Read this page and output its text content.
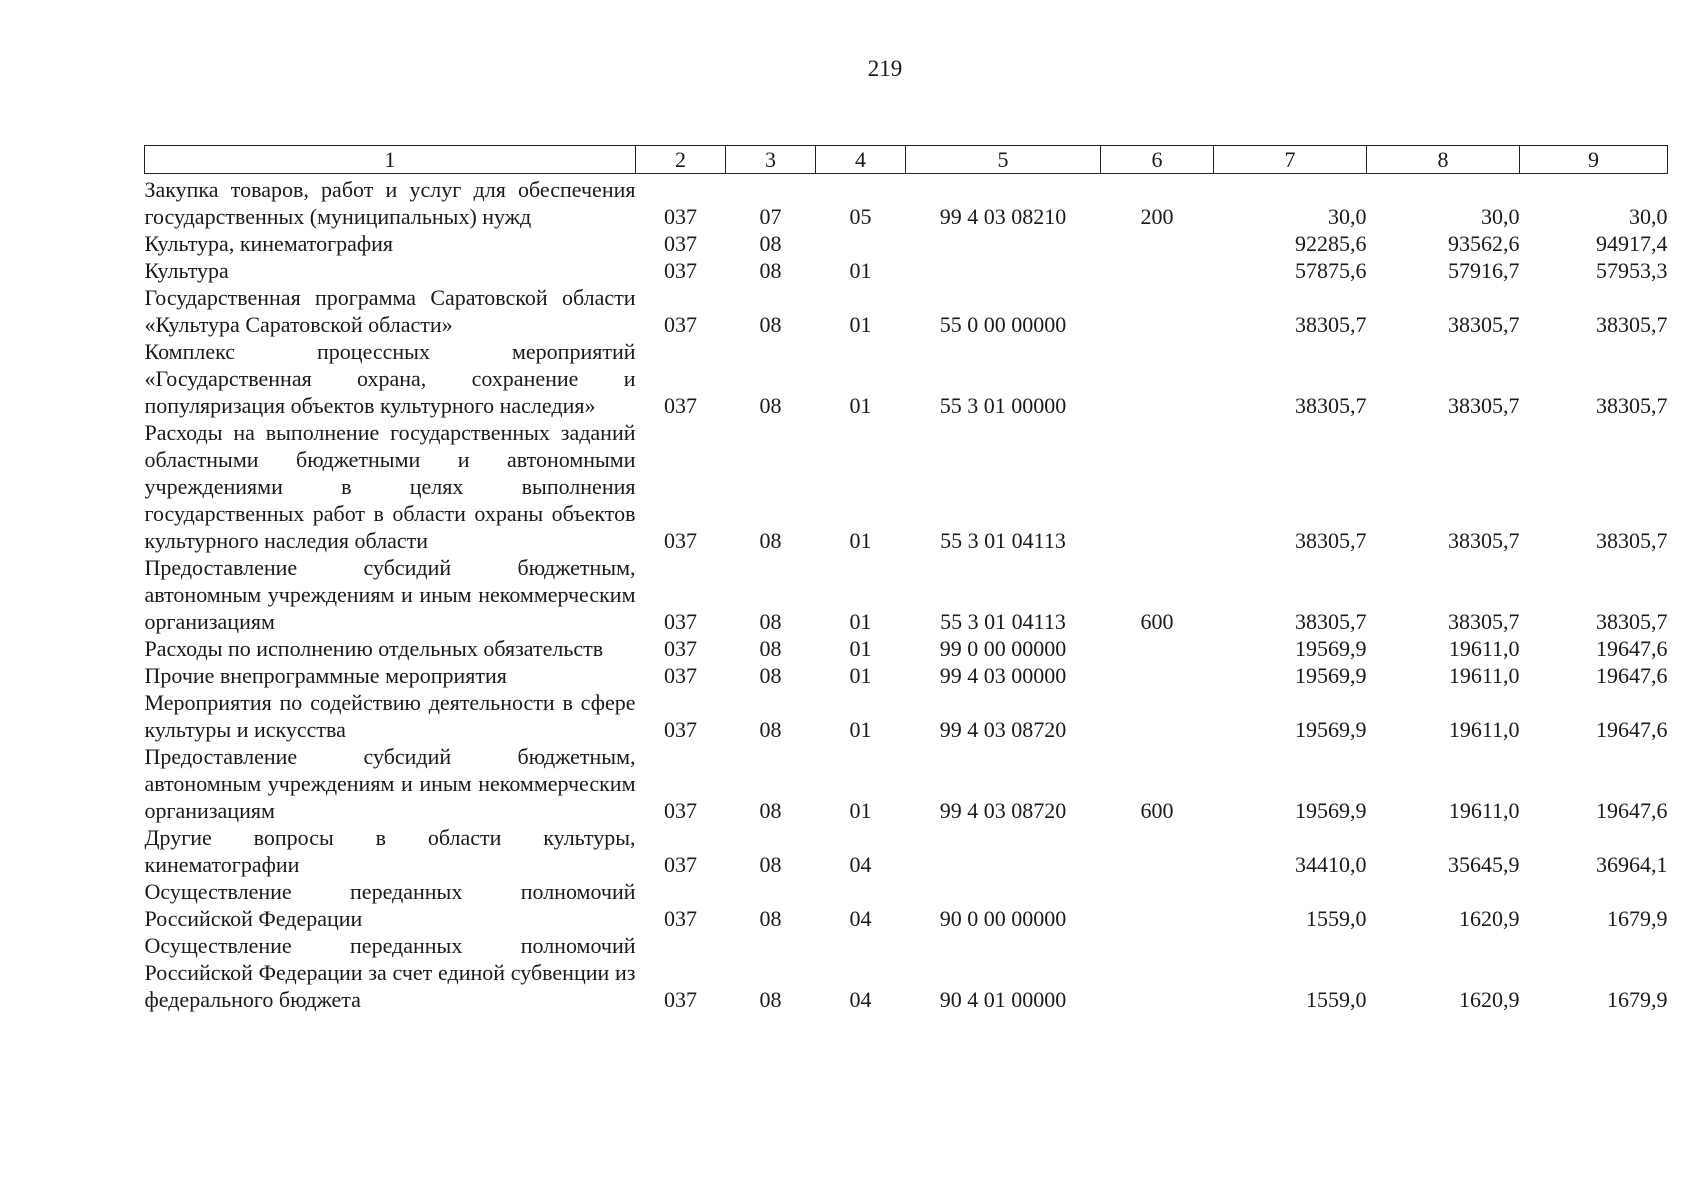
219
1	2	3	4	5	6	7	8	9
Закупка товаров, работ и услуг для обеспечения государственных (муниципальных) нужд	037	07	05	99 4 03 08210	200	30,0	30,0	30,0
Культура, кинематография	037	08				92285,6	93562,6	94917,4
Культура	037	08	01			57875,6	57916,7	57953,3
Государственная программа Саратовской области «Культура Саратовской области»	037	08	01	55 0 00 00000		38305,7	38305,7	38305,7
Комплекс процессных мероприятий «Государственная охрана, сохранение и популяризация объектов культурного наследия»	037	08	01	55 3 01 00000		38305,7	38305,7	38305,7
Расходы на выполнение государственных заданий областными бюджетными и автономными учреждениями в целях выполнения государственных работ в области охраны объектов культурного наследия области	037	08	01	55 3 01 04113		38305,7	38305,7	38305,7
Предоставление субсидий бюджетным, автономным учреждениям и иным некоммерческим организациям	037	08	01	55 3 01 04113	600	38305,7	38305,7	38305,7
Расходы по исполнению отдельных обязательств	037	08	01	99 0 00 00000		19569,9	19611,0	19647,6
Прочие внепрограммные мероприятия	037	08	01	99 4 03 00000		19569,9	19611,0	19647,6
Мероприятия по содействию деятельности в сфере культуры и искусства	037	08	01	99 4 03 08720		19569,9	19611,0	19647,6
Предоставление субсидий бюджетным, автономным учреждениям и иным некоммерческим организациям	037	08	01	99 4 03 08720	600	19569,9	19611,0	19647,6
Другие вопросы в области культуры, кинематографии	037	08	04			34410,0	35645,9	36964,1
Осуществление переданных полномочий Российской Федерации	037	08	04	90 0 00 00000		1559,0	1620,9	1679,9
Осуществление переданных полномочий Российской Федерации за счет единой субвенции из федерального бюджета	037	08	04	90 4 01 00000		1559,0	1620,9	1679,9
